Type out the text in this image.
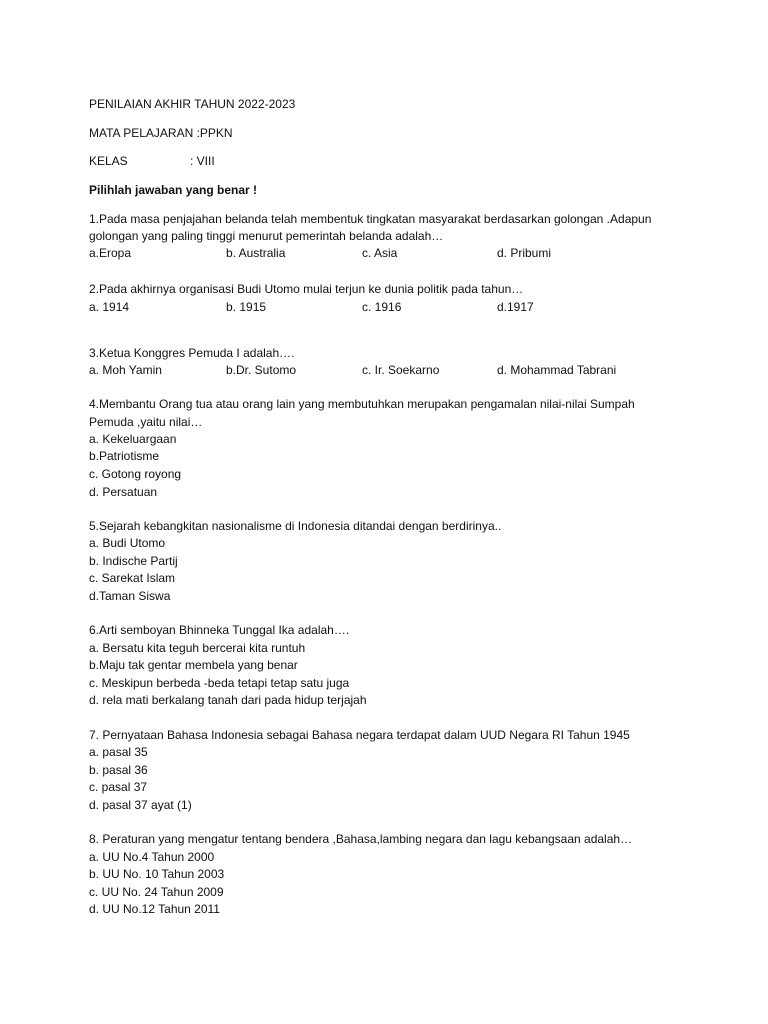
PENILAIAN AKHIR TAHUN 2022-2023
MATA PELAJARAN :PPKN
KELAS	: VIII
Pilihlah jawaban yang benar !
1.Pada masa penjajahan belanda telah membentuk tingkatan masyarakat berdasarkan golongan .Adapun
golongan yang paling tinggi menurut pemerintah belanda adalah…
a.Eropa	b. Australia	c. Asia	d. Pribumi
2.Pada akhirnya organisasi Budi Utomo mulai terjun ke dunia politik pada tahun…
a. 1914	b. 1915	c. 1916	d.1917
3.Ketua Konggres Pemuda I adalah….
a. Moh Yamin	b.Dr. Sutomo	c. Ir. Soekarno	d. Mohammad Tabrani
4.Membantu Orang tua atau orang lain yang membutuhkan merupakan pengamalan nilai-nilai Sumpah
Pemuda ,yaitu nilai…
a. Kekeluargaan
b.Patriotisme
c. Gotong royong
d. Persatuan
5.Sejarah kebangkitan nasionalisme di Indonesia ditandai dengan berdirinya..
a. Budi Utomo
b. Indische Partij
c. Sarekat Islam
d.Taman Siswa
6.Arti semboyan Bhinneka Tunggal Ika adalah….
a. Bersatu kita teguh bercerai kita runtuh
b.Maju tak gentar membela yang benar
c. Meskipun berbeda -beda tetapi tetap satu juga
d. rela mati berkalang tanah dari pada hidup terjajah
7. Pernyataan Bahasa Indonesia sebagai Bahasa negara terdapat dalam UUD Negara RI Tahun 1945
a. pasal 35
b. pasal 36
c. pasal 37
d. pasal 37 ayat (1)
8. Peraturan yang mengatur tentang bendera ,Bahasa,lambing negara dan lagu kebangsaan adalah…
a. UU No.4 Tahun 2000
b. UU No. 10 Tahun 2003
c. UU No. 24 Tahun 2009
d. UU No.12 Tahun 2011
